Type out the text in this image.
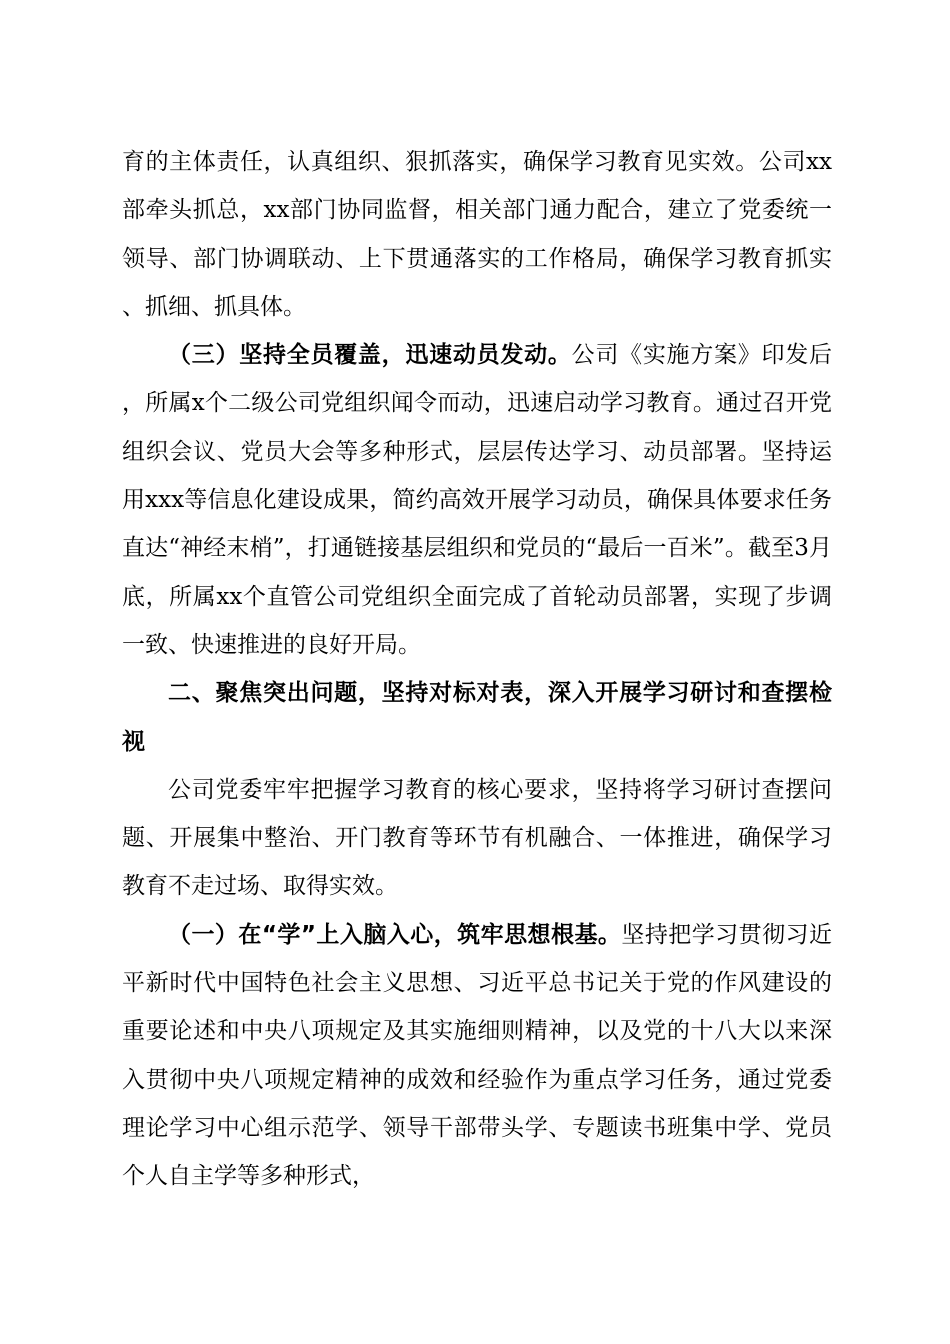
育的主体责任，认真组织、狠抓落实，确保学习教育见实效。公司xx部牵头抓总，xx部门协同监督，相关部门通力配合，建立了党委统一领导、部门协调联动、上下贯通落实的工作格局，确保学习教育抓实、抓细、抓具体。

（三）坚持全员覆盖，迅速动员发动。公司《实施方案》印发后，所属x个二级公司党组织闻令而动，迅速启动学习教育。通过召开党组织会议、党员大会等多种形式，层层传达学习、动员部署。坚持运用xxx等信息化建设成果，简约高效开展学习动员，确保具体要求任务直达“神经末梢”，打通链接基层组织和党员的“最后一百米”。截至3月底，所属xx个直管公司党组织全面完成了首轮动员部署，实现了步调一致、快速推进的良好开局。

二、聚焦突出问题，坚持对标对表，深入开展学习研讨和查摆检视

公司党委牢牢把握学习教育的核心要求，坚持将学习研讨查摆问题、开展集中整治、开门教育等环节有机融合、一体推进，确保学习教育不走过场、取得实效。

（一）在“学”上入脑入心，筑牢思想根基。坚持把学习贯彻习近平新时代中国特色社会主义思想、习近平总书记关于党的作风建设的重要论述和中央八项规定及其实施细则精神，以及党的十八大以来深入贯彻中央八项规定精神的成效和经验作为重点学习任务，通过党委理论学习中心组示范学、领导干部带头学、专题读书班集中学、党员个人自主学等多种形式，
